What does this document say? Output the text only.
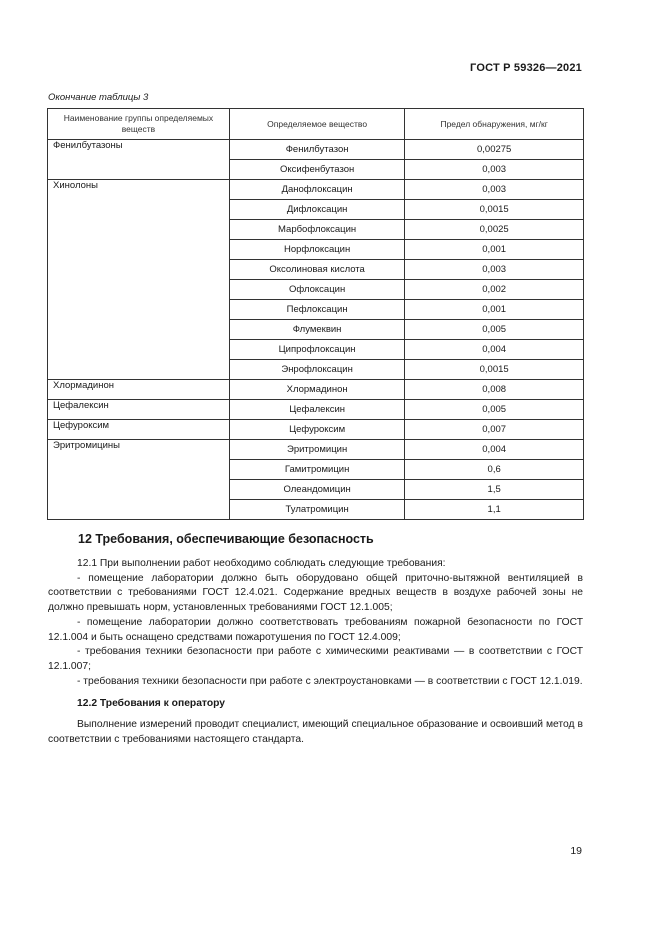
ГОСТ Р 59326—2021
Окончание таблицы 3
Наименование группы определяемых веществ	Определяемое вещество	Предел обнаружения, мг/кг
Фенилбутазоны	Фенилбутазон	0,00275
	Оксифенбутазон	0,003
Хинолоны	Данофлоксацин	0,003
	Дифлоксацин	0,0015
	Марбофлоксацин	0,0025
	Норфлоксацин	0,001
	Оксолиновая кислота	0,003
	Офлоксацин	0,002
	Пефлоксацин	0,001
	Флумеквин	0,005
	Ципрофлоксацин	0,004
	Энрофлоксацин	0,0015
Хлормадинон	Хлормадинон	0,008
Цефалексин	Цефалексин	0,005
Цефуроксим	Цефуроксим	0,007
Эритромицины	Эритромицин	0,004
	Гамитромицин	0,6
	Олеандомицин	1,5
	Тулатромицин	1,1
12 Требования, обеспечивающие безопасность

12.1 При выполнении работ необходимо соблюдать следующие требования:

- помещение лаборатории должно быть оборудовано общей приточно-вытяжной вентиляцией в соответствии с требованиями ГОСТ 12.4.021. Содержание вредных веществ в воздухе рабочей зоны не должно превышать норм, установленных требованиями ГОСТ 12.1.005;

- помещение лаборатории должно соответствовать требованиям пожарной безопасности по ГОСТ 12.1.004 и быть оснащено средствами пожаротушения по ГОСТ 12.4.009;

- требования техники безопасности при работе с химическими реактивами — в соответствии с ГОСТ 12.1.007;

- требования техники безопасности при работе с электроустановками — в соответствии с ГОСТ 12.1.019.

12.2 Требования к оператору

Выполнение измерений проводит специалист, имеющий специальное образование и освоивший метод в соответствии с требованиями настоящего стандарта.

19
